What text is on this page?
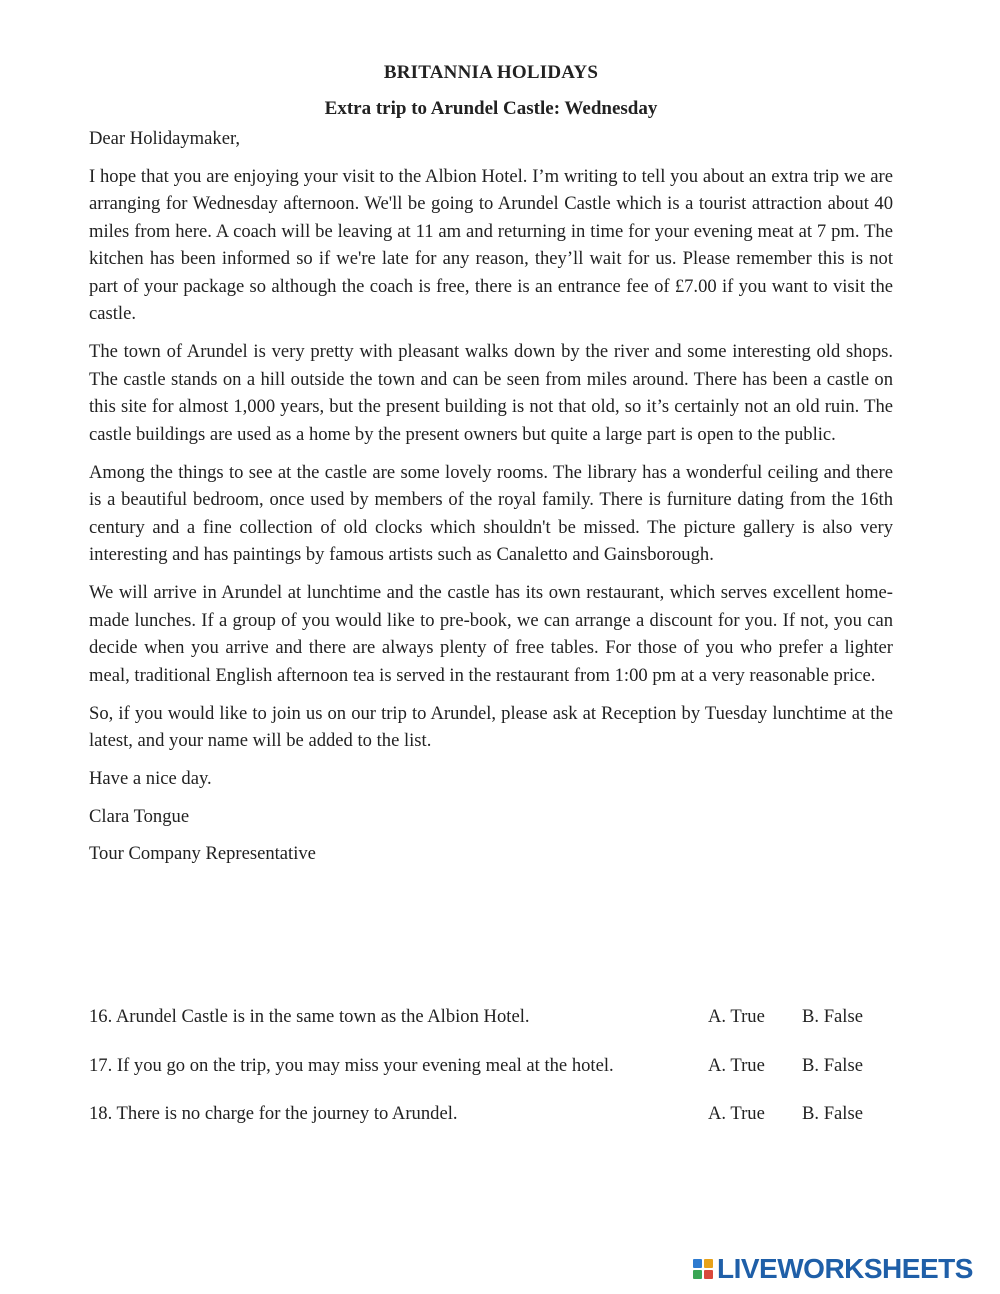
BRITANNIA HOLIDAYS
Extra trip to Arundel Castle: Wednesday

Dear Holidaymaker,

I hope that you are enjoying your visit to the Albion Hotel. I’m writing to tell you about an extra trip we are arranging for Wednesday afternoon. We'll be going to Arundel Castle which is a tourist attraction about 40 miles from here. A coach will be leaving at 11 am and returning in time for your evening meat at 7 pm. The kitchen has been informed so if we're late for any reason, they’ll wait for us. Please remember this is not part of your package so although the coach is free, there is an entrance fee of £7.00 if you want to visit the castle.

The town of Arundel is very pretty with pleasant walks down by the river and some interesting old shops. The castle stands on a hill outside the town and can be seen from miles around. There has been a castle on this site for almost 1,000 years, but the present building is not that old, so it’s certainly not an old ruin. The castle buildings are used as a home by the present owners but quite a large part is open to the public.

Among the things to see at the castle are some lovely rooms. The library has a wonderful ceiling and there is a beautiful bedroom, once used by members of the royal family. There is furniture dating from the 16th century and a fine collection of old clocks which shouldn't be missed. The picture gallery is also very interesting and has paintings by famous artists such as Canaletto and Gainsborough.

We will arrive in Arundel at lunchtime and the castle has its own restaurant, which serves excellent home-made lunches. If a group of you would like to pre-book, we can arrange a discount for you. If not, you can decide when you arrive and there are always plenty of free tables. For those of you who prefer a lighter meal, traditional English afternoon tea is served in the restaurant from 1:00 pm at a very reasonable price.

So, if you would like to join us on our trip to Arundel, please ask at Reception by Tuesday lunchtime at the latest, and your name will be added to the list.

Have a nice day.

Clara Tongue

Tour Company Representative

16. Arundel Castle is in the same town as the Albion Hotel.	A. True B. False
17. If you go on the trip, you may miss your evening meal at the hotel.	A. True B. False
18. There is no charge for the journey to Arundel.	A. True B. False
LIVEWORKSHEETS
